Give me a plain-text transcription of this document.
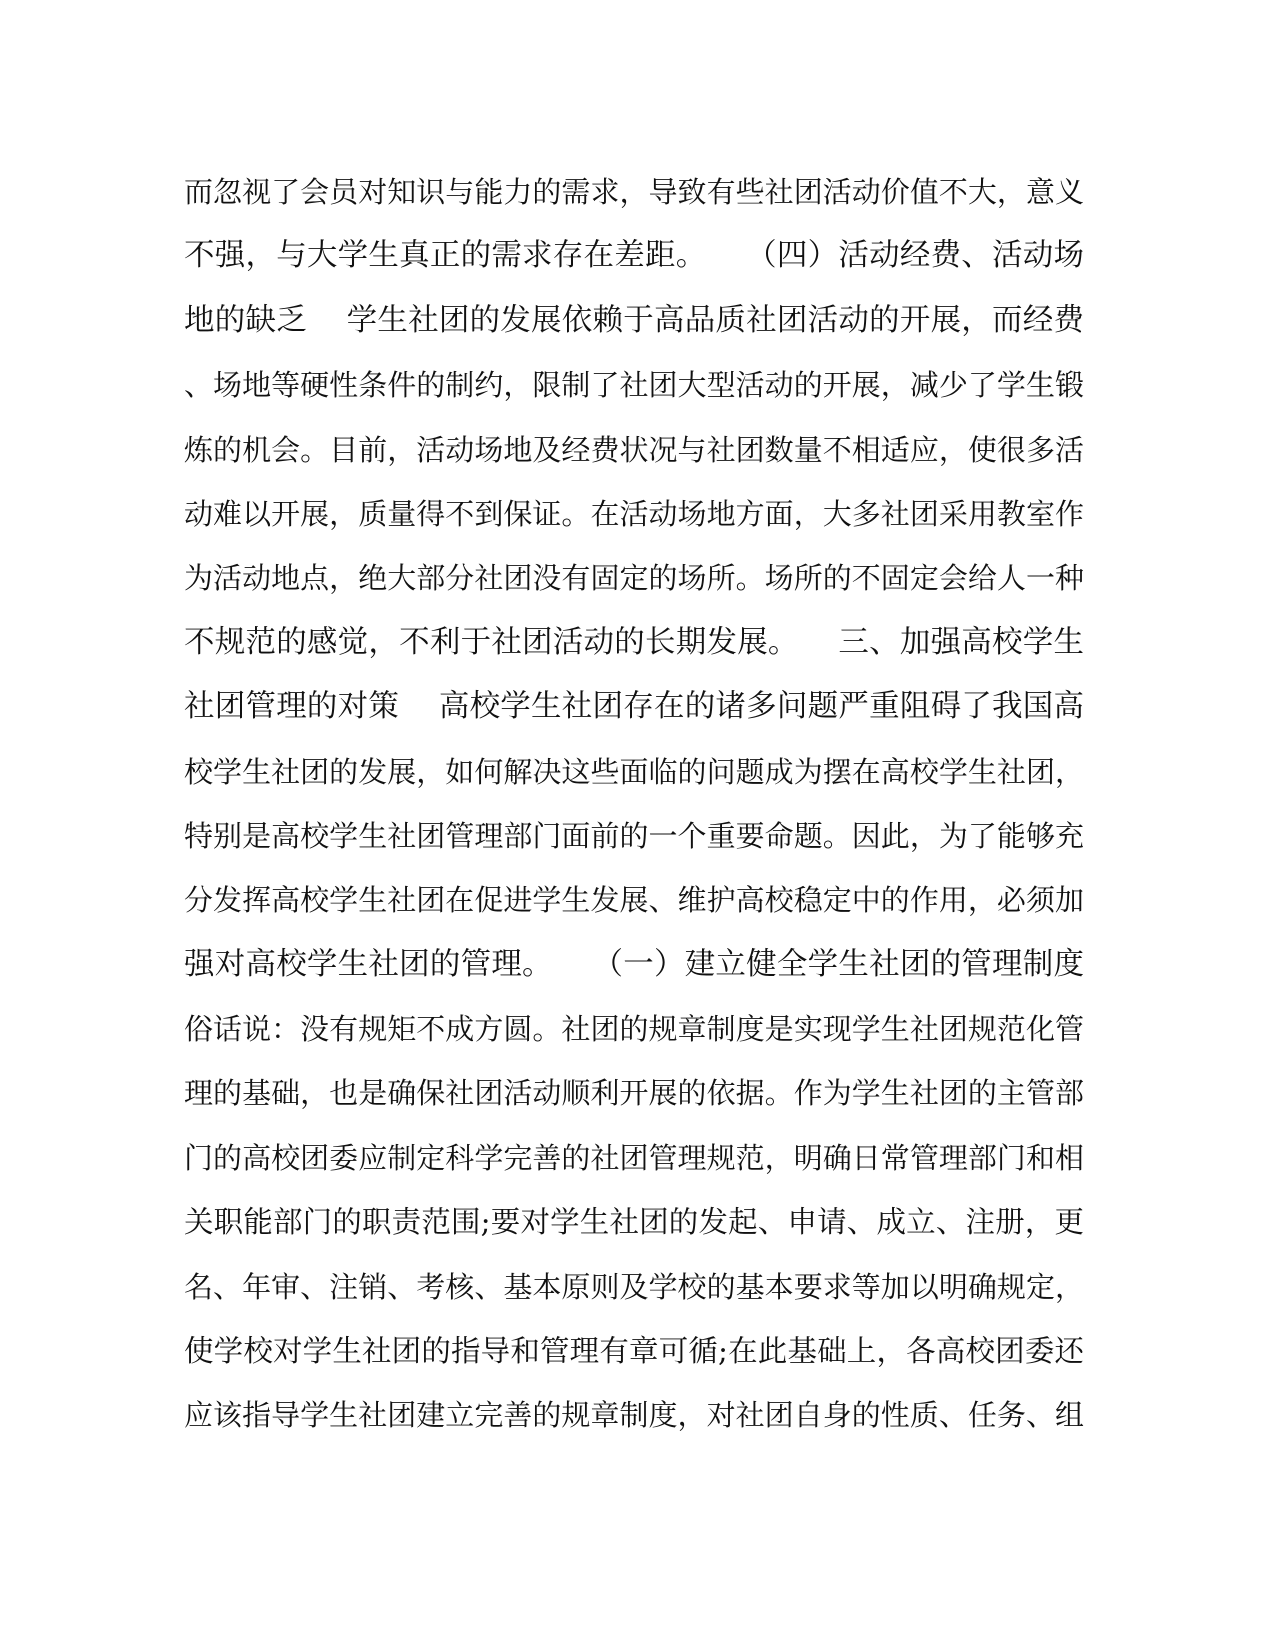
而忽视了会员对知识与能力的需求，导致有些社团活动价值不大，意义
不强，与大学生真正的需求存在差距。    （四）活动经费、活动场
地的缺乏    学生社团的发展依赖于高品质社团活动的开展，而经费
、场地等硬性条件的制约，限制了社团大型活动的开展，减少了学生锻
炼的机会。目前，活动场地及经费状况与社团数量不相适应，使很多活
动难以开展，质量得不到保证。在活动场地方面，大多社团采用教室作
为活动地点，绝大部分社团没有固定的场所。场所的不固定会给人一种
不规范的感觉，不利于社团活动的长期发展。    三、加强高校学生
社团管理的对策    高校学生社团存在的诸多问题严重阻碍了我国高
校学生社团的发展，如何解决这些面临的问题成为摆在高校学生社团，
特别是高校学生社团管理部门面前的一个重要命题。因此，为了能够充
分发挥高校学生社团在促进学生发展、维护高校稳定中的作用，必须加
强对高校学生社团的管理。    （一）建立健全学生社团的管理制度
俗话说：没有规矩不成方圆。社团的规章制度是实现学生社团规范化管
理的基础，也是确保社团活动顺利开展的依据。作为学生社团的主管部
门的高校团委应制定科学完善的社团管理规范，明确日常管理部门和相
关职能部门的职责范围;要对学生社团的发起、申请、成立、注册，更
名、年审、注销、考核、基本原则及学校的基本要求等加以明确规定，
使学校对学生社团的指导和管理有章可循;在此基础上，各高校团委还
应该指导学生社团建立完善的规章制度，对社团自身的性质、任务、组
